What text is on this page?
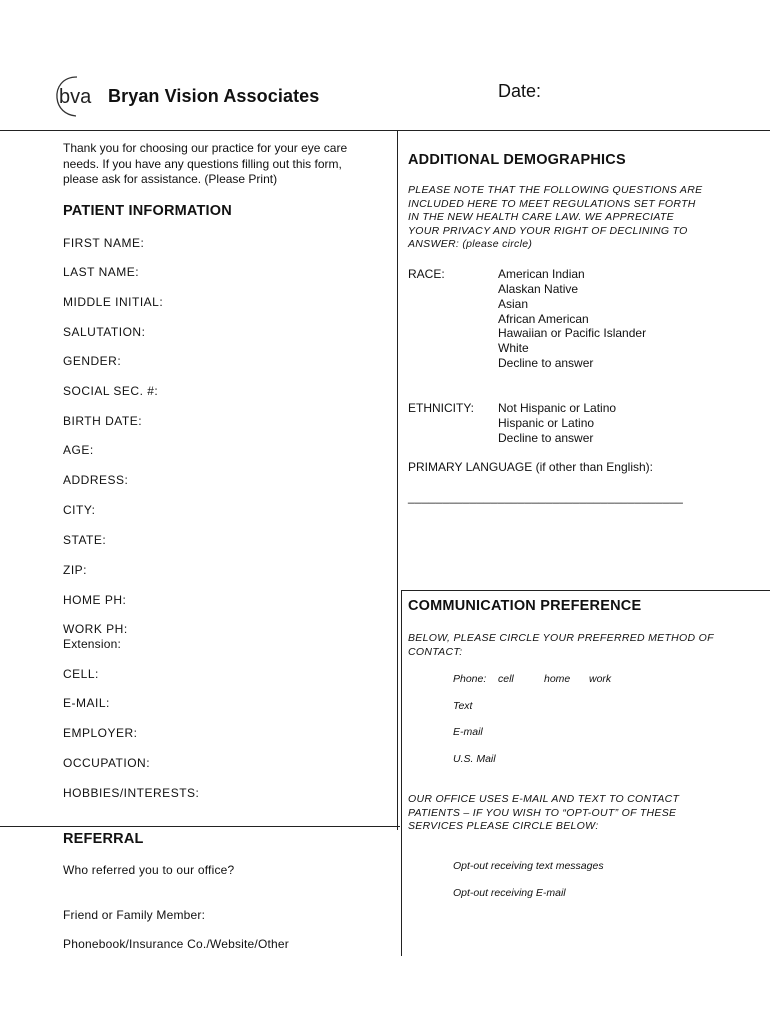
bva Bryan Vision Associates	Date:
Thank you for choosing our practice for your eye care needs. If you have any questions filling out this form, please ask for assistance. (Please Print)
PATIENT INFORMATION
FIRST NAME:
LAST NAME:
MIDDLE INITIAL:
SALUTATION:
GENDER:
SOCIAL SEC. #:
BIRTH DATE:
AGE:
ADDRESS:
CITY:
STATE:
ZIP:
HOME PH:
WORK PH:
Extension:
CELL:
E-MAIL:
EMPLOYER:
OCCUPATION:
HOBBIES/INTERESTS:
REFERRAL
Who referred you to our office?
Friend or Family Member:
Phonebook/Insurance Co./Website/Other
ADDITIONAL DEMOGRAPHICS
PLEASE NOTE THAT THE FOLLOWING QUESTIONS ARE INCLUDED HERE TO MEET REGULATIONS SET FORTH IN THE NEW HEALTH CARE LAW. WE APPRECIATE YOUR PRIVACY AND YOUR RIGHT OF DECLINING TO ANSWER: (please circle)
RACE:	American Indian
Alaskan Native
Asian
African American
Hawaiian or Pacific Islander
White
Decline to answer
ETHNICITY: Not Hispanic or Latino
Hispanic or Latino
Decline to answer
PRIMARY LANGUAGE (if other than English):
________________________________________
COMMUNICATION PREFERENCE
BELOW, PLEASE CIRCLE YOUR PREFERRED METHOD OF CONTACT:
Phone: cell	home work
Text
E-mail
U.S. Mail
OUR OFFICE USES E-MAIL AND TEXT TO CONTACT PATIENTS – IF YOU WISH TO “OPT-OUT” OF THESE SERVICES PLEASE CIRCLE BELOW:
Opt-out receiving text messages
Opt-out receiving E-mail
